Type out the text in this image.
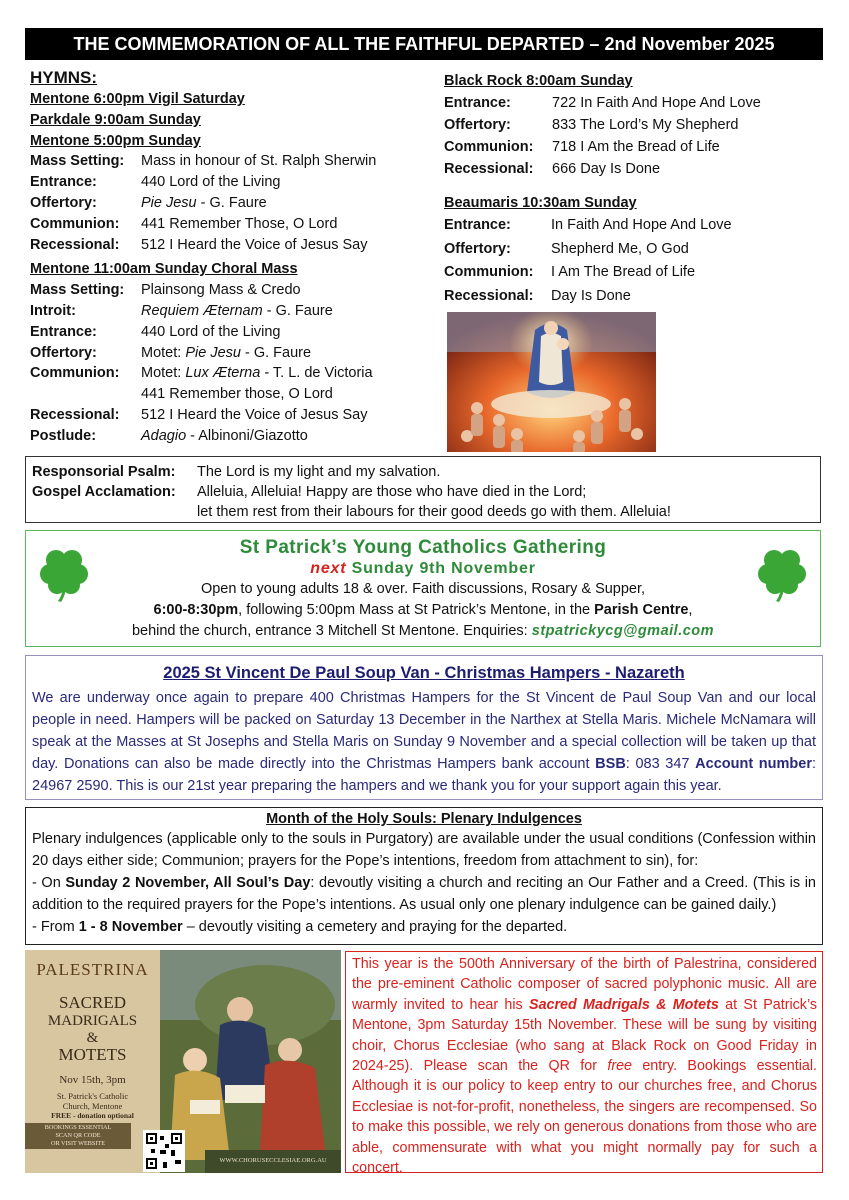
THE COMMEMORATION OF ALL THE FAITHFUL DEPARTED – 2nd November 2025
HYMNS:
Mentone 6:00pm Vigil Saturday
Parkdale 9:00am Sunday
Mentone 5:00pm Sunday
Mass Setting:	Mass in honour of St. Ralph Sherwin
Entrance:	440 Lord of the Living
Offertory:	Pie Jesu - G. Faure
Communion:	441 Remember Those, O Lord
Recessional:	512 I Heard the Voice of Jesus Say
Mentone 11:00am Sunday Choral Mass
Mass Setting:	Plainsong Mass & Credo
Introit:	Requiem Æternam - G. Faure
Entrance:	440 Lord of the Living
Offertory:	Motet: Pie Jesu - G. Faure
Communion:	Motet: Lux Æterna - T. L. de Victoria
441 Remember those, O Lord
Recessional:	512 I Heard the Voice of Jesus Say
Postlude:	Adagio - Albinoni/Giazotto
Black Rock 8:00am Sunday
Entrance:	722 In Faith And Hope And Love
Offertory:	833 The Lord’s My Shepherd
Communion:	718 I Am the Bread of Life
Recessional:	666 Day Is Done
Beaumaris 10:30am Sunday
Entrance:	In Faith And Hope And Love
Offertory:	Shepherd Me, O God
Communion:	I Am The Bread of Life
Recessional:	Day Is Done
Responsorial Psalm: The Lord is my light and my salvation.
Gospel Acclamation: Alleluia, Alleluia! Happy are those who have died in the Lord;
let them rest from their labours for their good deeds go with them. Alleluia!
St Patrick’s Young Catholics Gathering
next Sunday 9th November
Open to young adults 18 & over. Faith discussions, Rosary & Supper,
6:00-8:30pm, following 5:00pm Mass at St Patrick’s Mentone, in the Parish Centre,
behind the church, entrance 3 Mitchell St Mentone. Enquiries: stpatrickycg@gmail.com
2025 St Vincent De Paul Soup Van - Christmas Hampers - Nazareth
We are underway once again to prepare 400 Christmas Hampers for the St Vincent de Paul Soup Van and our local people in need. Hampers will be packed on Saturday 13 December in the Narthex at Stella Maris. Michele McNamara will speak at the Masses at St Josephs and Stella Maris on Sunday 9 November and a special collection will be taken up that day. Donations can also be made directly into the Christmas Hampers bank account BSB: 083 347 Account number: 24967 2590. This is our 21st year preparing the hampers and we thank you for your support again this year.
Month of the Holy Souls: Plenary Indulgences
Plenary indulgences (applicable only to the souls in Purgatory) are available under the usual conditions (Confession within 20 days either side; Communion; prayers for the Pope’s intentions, freedom from attachment to sin), for:
- On Sunday 2 November, All Soul’s Day: devoutly visiting a church and reciting an Our Father and a Creed. (This is in addition to the required prayers for the Pope’s intentions. As usual only one plenary indulgence can be gained daily.)
- From 1 - 8 November – devoutly visiting a cemetery and praying for the departed.
PALESTRINA
SACRED
MADRIGALS
&
MOTETS
Nov 15th, 3pm
St. Patrick's Catholic
Church, Mentone
FREE - donation optional
BOOKINGS ESSENTIAL
SCAN QR CODE
OR VISIT WEBSITE
WWW.CHORUSECCLESIAE.ORG.AU
This year is the 500th Anniversary of the birth of Palestrina, considered the pre-eminent Catholic composer of sacred polyphonic music. All are warmly invited to hear his Sacred Madrigals & Motets at St Patrick’s Mentone, 3pm Saturday 15th November. These will be sung by visiting choir, Chorus Ecclesiae (who sang at Black Rock on Good Friday in 2024-25). Please scan the QR for free entry. Bookings essential. Although it is our policy to keep entry to our churches free, and Chorus Ecclesiae is not-for-profit, nonetheless, the singers are recompensed. So to make this possible, we rely on generous donations from those who are able, commensurate with what you might normally pay for such a concert.
